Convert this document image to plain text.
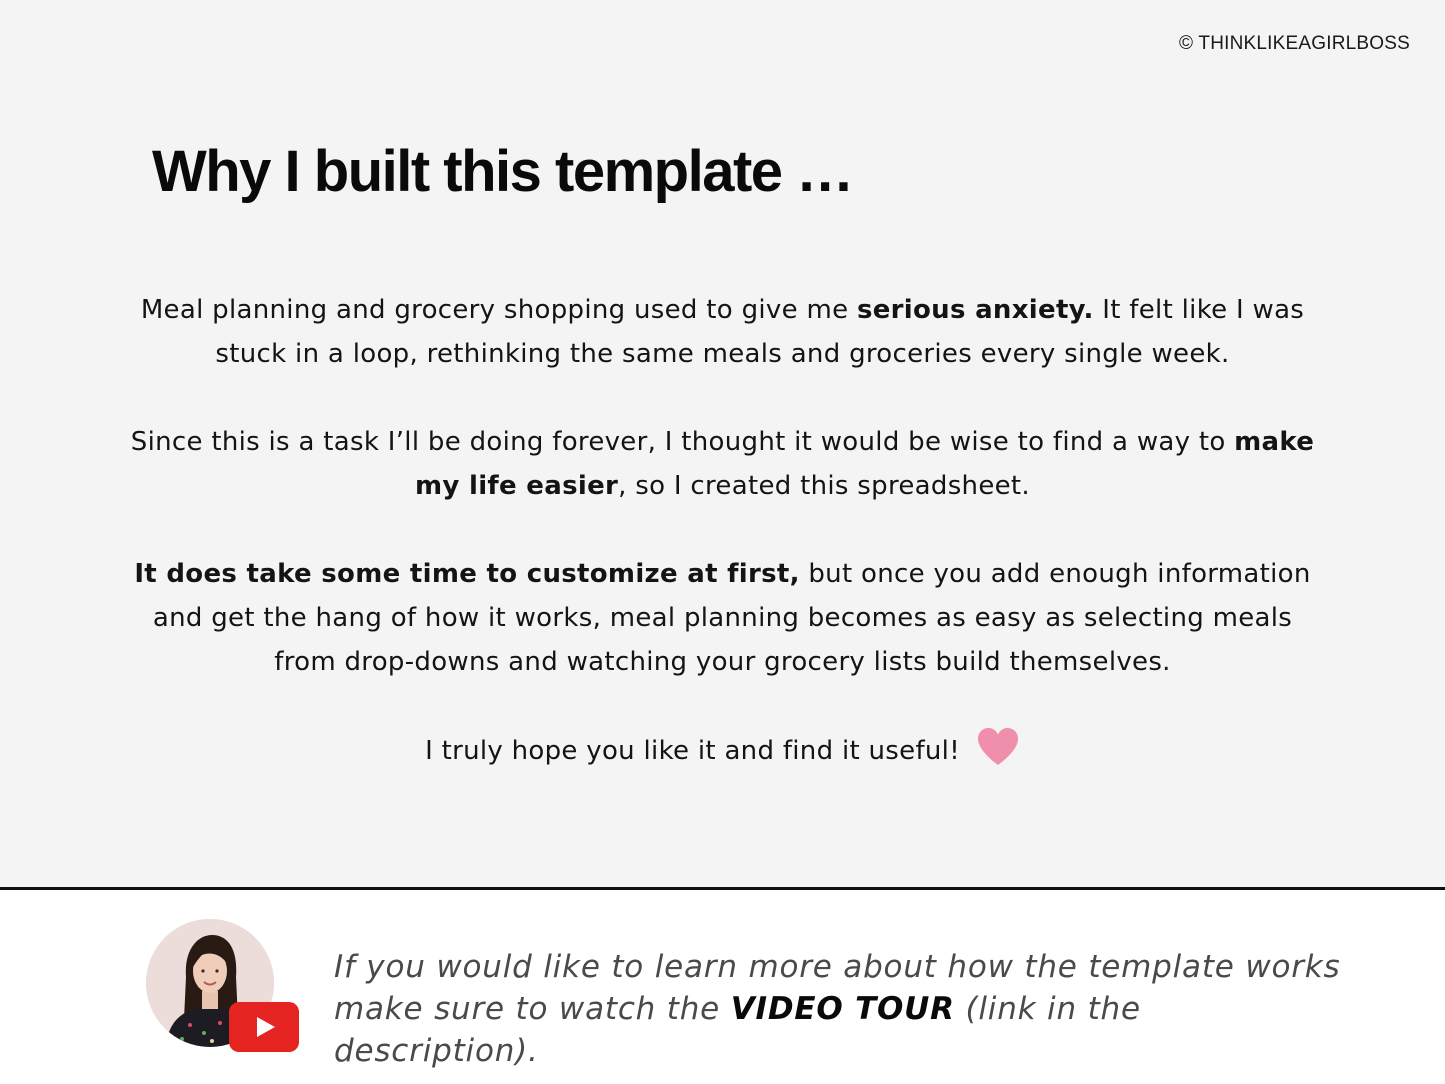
© THINKLIKEAGIRLBOSS
Why I built this template …
Meal planning and grocery shopping used to give me serious anxiety. It felt like I was stuck in a loop, rethinking the same meals and groceries every single week.
Since this is a task I’ll be doing forever, I thought it would be wise to find a way to make my life easier, so I created this spreadsheet.
It does take some time to customize at first, but once you add enough information and get the hang of how it works, meal planning becomes as easy as selecting meals from drop-downs and watching your grocery lists build themselves.
I truly hope you like it and find it useful!
If you would like to learn more about how the template works make sure to watch the VIDEO TOUR (link in the description).
